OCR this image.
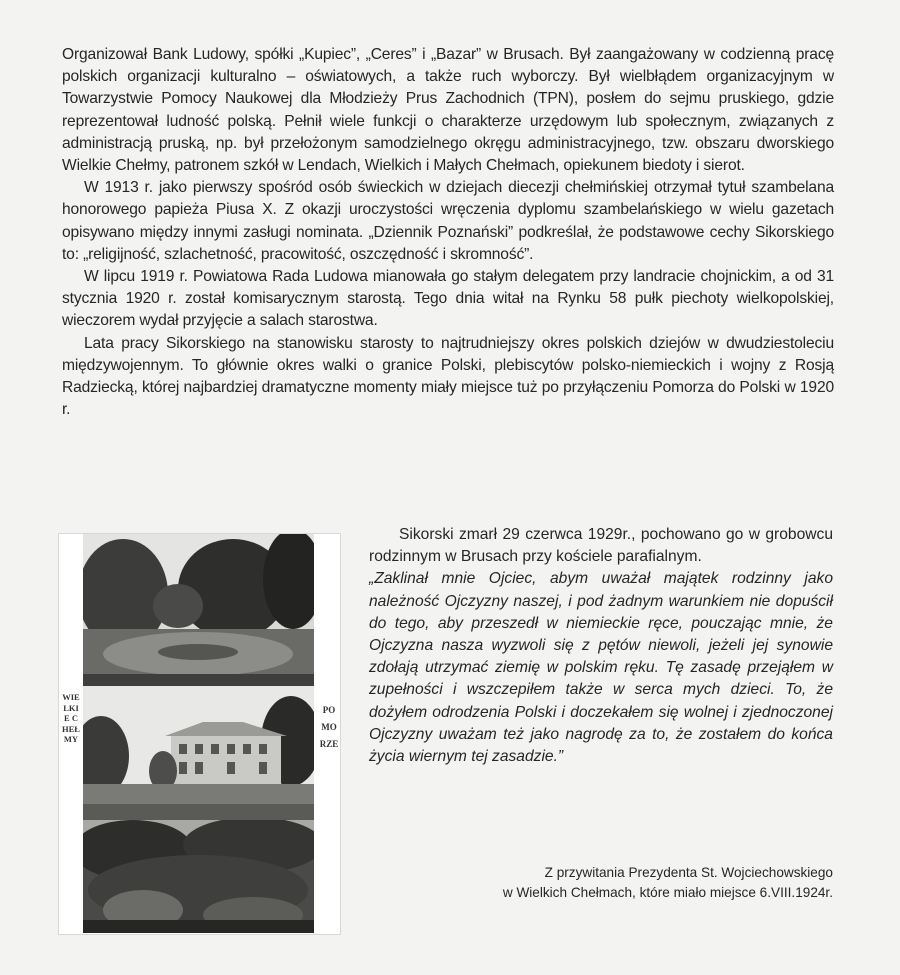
Organizował Bank Ludowy, spółki „Kupiec”, „Ceres” i „Bazar” w Brusach. Był zaangażowany w codzienną pracę polskich organizacji kulturalno – oświatowych, a także ruch wyborczy. Był wielbłądem organizacyjnym w Towarzystwie Pomocy Naukowej dla Młodzieży Prus Zachodnich (TPN), posłem do sejmu pruskiego, gdzie reprezentował ludność polską. Pełnił wiele funkcji o charakterze urzędowym lub społecznym, związanych z administracją pruską, np. był przełożonym samodzielnego okręgu administracyjnego, tzw. obszaru dworskiego Wielkie Chełmy, patronem szkół w Lendach, Wielkich i Małych Chełmach, opiekunem biedoty i sierot.

W 1913 r. jako pierwszy spośród osób świeckich w dziejach diecezji chełmińskiej otrzymał tytuł szambelana honorowego papieża Piusa X. Z okazji uroczystości wręczenia dyplomu szambelańskiego w wielu gazetach opisywano między innymi zasługi nominata. „Dziennik Poznański” podkreślał, że podstawowe cechy Sikorskiego to: „religijność, szlachetność, pracowitość, oszczędność i skromność”.

W lipcu 1919 r. Powiatowa Rada Ludowa mianowała go stałym delegatem przy landracie chojnickim, a od 31 stycznia 1920 r. został komisarycznym starostą. Tego dnia witał na Rynku 58 pułk piechoty wielkopolskiej, wieczorem wydał przyjęcie a salach starostwa.

Lata pracy Sikorskiego na stanowisku starosty to najtrudniejszy okres polskich dziejów w dwudziestoleciu międzywojennym. To głównie okres walki o granice Polski, plebiscytów polsko-niemieckich i wojny z Rosją Radziecką, której najbardziej dramatyczne momenty miały miejsce tuż po przyłączeniu Pomorza do Polski w 1920 r.

WIELKIE CHEŁMY
POMORZE

Sikorski zmarł 29 czerwca 1929r., pochowano go w grobowcu rodzinnym w Brusach przy kościele parafialnym.

„Zaklinał mnie Ojciec, abym uważał majątek rodzinny jako należność Ojczyzny naszej, i pod żadnym warunkiem nie dopuścił do tego, aby przeszedł w niemieckie ręce, pouczając mnie, że Ojczyzna nasza wyzwoli się z pętów niewoli, jeżeli jej synowie zdołają utrzymać ziemię w polskim ręku. Tę zasadę przejąłem w zupełności i wszczepiłem także w serca mych dzieci. To, że dożyłem odrodzenia Polski i doczekałem się wolnej i zjednoczonej Ojczyzny uważam też jako nagrodę za to, że zostałem do końca życia wiernym tej zasadzie.”

Z przywitania Prezydenta St. Wojciechowskiego
w Wielkich Chełmach, które miało miejsce 6.VIII.1924r.
